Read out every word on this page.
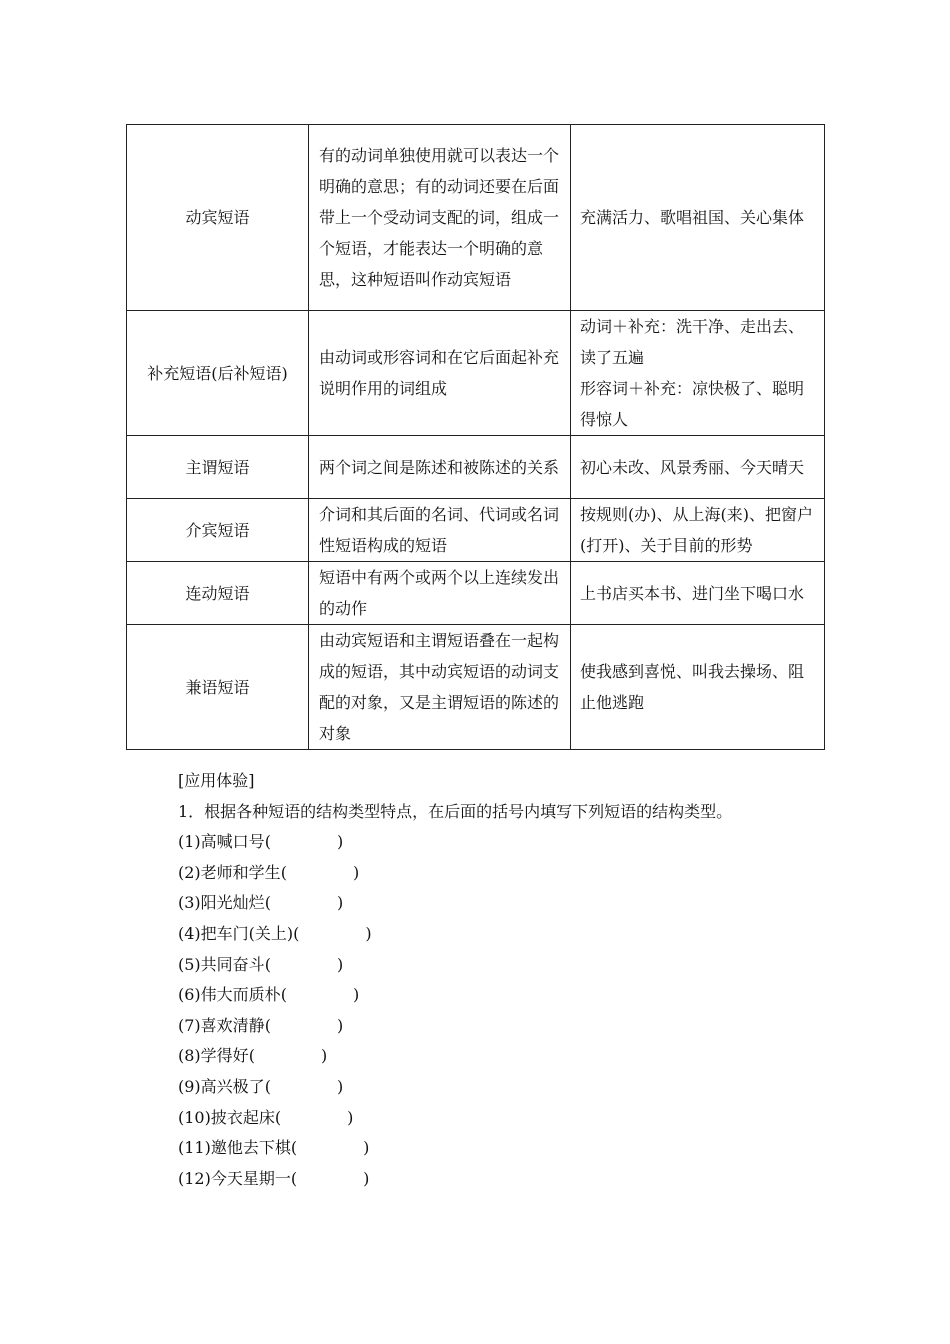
动宾短语	有的动词单独使用就可以表达一个明确的意思；有的动词还要在后面带上一个受动词支配的词，组成一个短语，才能表达一个明确的意思，这种短语叫作动宾短语	充满活力、歌唱祖国、关心集体

补充短语(后补短语)	由动词或形容词和在它后面起补充说明作用的词组成	动词＋补充：洗干净、走出去、读了五遍
形容词＋补充：凉快极了、聪明得惊人

主谓短语	两个词之间是陈述和被陈述的关系	初心未改、风景秀丽、今天晴天

介宾短语	介词和其后面的名词、代词或名词性短语构成的短语	按规则(办)、从上海(来)、把窗户(打开)、关于目前的形势

连动短语	短语中有两个或两个以上连续发出的动作	上书店买本书、进门坐下喝口水

兼语短语	由动宾短语和主谓短语叠在一起构成的短语，其中动宾短语的动词支配的对象，又是主谓短语的陈述的对象	使我感到喜悦、叫我去操场、阻止他逃跑
[应用体验]
1．根据各种短语的结构类型特点，在后面的括号内填写下列短语的结构类型。
(1)高喊口号(	)
(2)老师和学生(	)
(3)阳光灿烂(	)
(4)把车门(关上)(	)
(5)共同奋斗(	)
(6)伟大而质朴(	)
(7)喜欢清静(	)
(8)学得好(	)
(9)高兴极了(	)
(10)披衣起床(	)
(11)邀他去下棋(	)
(12)今天星期一(	)
